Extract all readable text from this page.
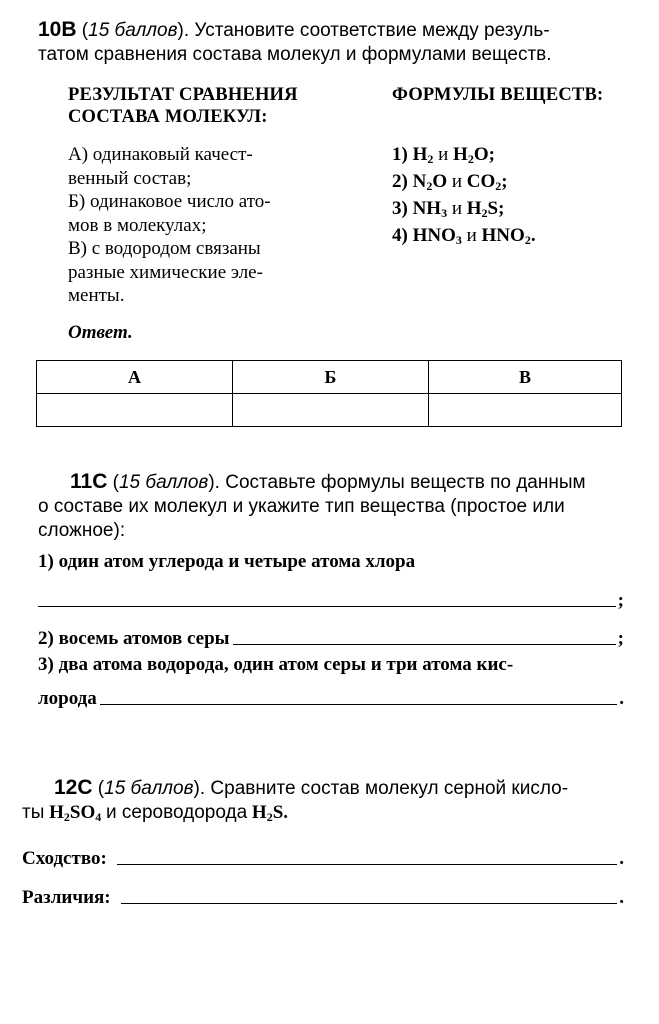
10В (15 баллов). Установите соответствие между резуль-
татом сравнения состава молекул и формулами веществ.
РЕЗУЛЬТАТ СРАВНЕНИЯ
СОСТАВА МОЛЕКУЛ:
ФОРМУЛЫ ВЕЩЕСТВ:
А) одинаковый качест-
венный состав;
Б) одинаковое число ато-
мов в молекулах;
В) с водородом связаны
разные химические эле-
менты.
1) $H_2$ и $H_2O$;
2) $N_2O$ и $CO_2$;
3) $NH_3$ и $H_2S$;
4) $HNO_3$ и $HNO_2$.
Ответ.
А	Б	В

11С (15 баллов). Составьте формулы веществ по данным
о составе их молекул и укажите тип вещества (простое или
сложное):
1) один атом углерода и четыре атома хлора
;
2) восемь атомов серы	;
3) два атома водорода, один атом серы и три атома кис-
лорода	.
12С (15 баллов). Сравните состав молекул серной кисло-
ты $H_2SO_4$ и сероводорода $H_2S$.
Сходство:	.
Различия:	.
